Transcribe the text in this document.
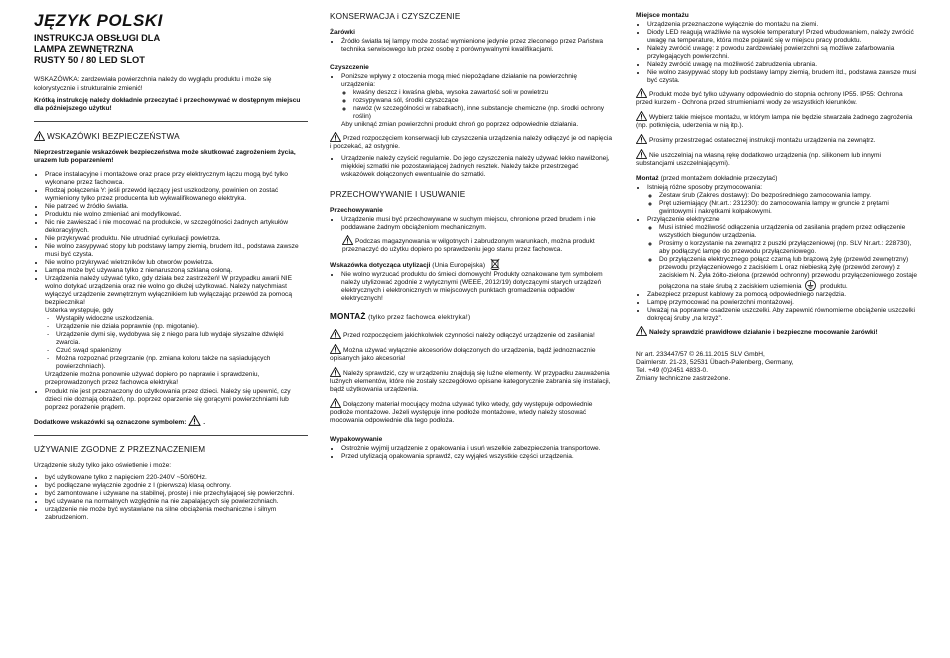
JĘZYK POLSKI
INSTRUKCJA OBSŁUGI DLA
LAMPA ZEWNĘTRZNA
RUSTY 50 / 80 LED SLOT

WSKAZÓWKA: zardzewiała powierzchnia należy do wyglądu produktu i może się kolorystycznie i strukturalnie zmienić!

Krótką instrukcję należy dokładnie przeczytać i przechowywać w dostępnym miejscu dla późniejszego użytku!

WSKAZÓWKI BEZPIECZEŃSTWA

Nieprzestrzeganie wskazówek bezpieczeństwa może skutkować zagrożeniem życia, urazem lub poparzeniem!

• Prace instalacyjne i montażowe oraz prace przy elektrycznym łączu mogą być tylko wykonane przez fachowca.
• Rodzaj połączenia Y: jeśli przewód łączący jest uszkodzony, powinien on zostać wymieniony tylko przez producenta lub wykwalifikowanego elektryka.
• Nie patrzeć w źródło światła.
• Produktu nie wolno zmieniać ani modyfikować.
• Nic nie zawieszać i nie mocować na produkcie, w szczególności żadnych artykułów dekoracyjnych.
• Nie przykrywać produktu. Nie utrudniać cyrkulacji powietrza.
• Nie wolno zasypywać stopy lub podstawy lampy ziemią, brudem itd., podstawa zawsze musi być czysta.
• Nie wolno przykrywać wietrzników lub otworów powietrza.
• Lampa może być używana tylko z nienaruszoną szklaną osłoną.
• Urządzenia należy używać tylko, gdy działa bez zastrzeżeń! W przypadku awarii NIE wolno dotykać urządzenia oraz nie wolno go dłużej użytkować. Należy natychmiast wyłączyć urządzenie zewnętrznym wyłącznikiem lub wyłączając przewód za pomocą bezpiecznika!
Usterka występuje, gdy
- Wystąpiły widoczne uszkodzenia.
- Urządzenie nie działa poprawnie (np. migotanie).
- Urządzenie dymi się, wydobywa się z niego para lub wydaje słyszalne dźwięki zwarcia.
- Czuć swąd spalenizny
- Można rozpoznać przegrzanie (np. zmiana koloru także na sąsiadujących powierzchniach).
Urządzenie można ponownie używać dopiero po naprawie i sprawdzeniu, przeprowadzonych przez fachowca elektryka!
• Produkt nie jest przeznaczony do użytkowania przez dzieci. Należy się upewnić, czy dzieci nie doznają obrażeń, np. poprzez oparzenie się gorącymi powierzchniami lub poprzez porażenie prądem.

Dodatkowe wskazówki są oznaczone symbolem:	.

UŻYWANIE ZGODNE Z PRZEZNACZENIEM

Urządzenie służy tylko jako oświetlenie i może:

• być użytkowane tylko z napięciem 220-240V ~50/60Hz.
• być podłączane wyłącznie zgodnie z I (pierwsza) klasą ochrony.
• być zamontowane i używane na stabilnej, prostej i nie przechylającej się powierzchni.
• być używane na normalnych względnie na nie zapalających się powierzchniach.
• urządzenie nie może być wystawiane na silne obciążenia mechaniczne i silnym zabrudzeniom.
KONSERWACJA i CZYSZCZENIE
Żarówki
• Źródło światła tej lampy może zostać wymienione jedynie przez zleconego przez Państwa technika serwisowego lub przez osobę z porównywalnymi kwalifikacjami.
Czyszczenie
• Poniższe wpływy z otoczenia mogą mieć niepożądane działanie na powierzchnię urządzenia:
◦ kwaśny deszcz i kwaśna gleba, wysoka zawartość soli w powietrzu
◦ rozsypywana sól, środki czyszczące
◦ nawóz (w szczególności w rabatkach), inne substancje chemiczne (np. środki ochrony roślin)
Aby uniknąć zmian powierzchni produkt chroń go poprzez odpowiednie działania.
Przed rozpoczęciem konserwacji lub czyszczenia urządzenia należy odłączyć je od napięcia i poczekać, aż ostygnie.
• Urządzenie należy czyścić regularnie. Do jego czyszczenia należy używać lekko nawilżonej, miękkiej szmatki nie pozostawiającej żadnych resztek. Należy także przestrzegać wskazówek dołączonych ewentualnie do szmatki.
PRZECHOWYWANIE I USUWANIE
Przechowywanie
• Urządzenie musi być przechowywane w suchym miejscu, chronione przed brudem i nie poddawane żadnym obciążeniom mechanicznym.
Podczas magazynowania w wilgotnych i zabrudzonym warunkach, można produkt przeznaczyć do użytku dopiero po sprawdzeniu jego stanu przez fachowca.
Wskazówka dotycząca utylizacji (Unia Europejska)
• Nie wolno wyrzucać produktu do śmieci domowych! Produkty oznakowane tym symbolem należy utylizować zgodnie z wytycznymi (WEEE, 2012/19) dotyczącymi starych urządzeń elektrycznych i elektronicznych w miejscowych punktach gromadzenia odpadów elektrycznych!
MONTAŻ (tylko przez fachowca elektryka!)
Przed rozpoczęciem jakichkolwiek czynności należy odłączyć urządzenie od zasilania!
Można używać wyłącznie akcesoriów dołączonych do urządzenia, bądź jednoznacznie opisanych jako akcesoria!
Należy sprawdzić, czy w urządzeniu znajdują się luźne elementy. W przypadku zauważenia luźnych elementów, które nie zostały szczegółowo opisane kategorycznie zabrania się instalacji, bądź użytkowania urządzenia.
Dołączony materiał mocujący można używać tylko wtedy, gdy występuje odpowiednie podłoże montażowe. Jeżeli występuje inne podłoże montażowe, wtedy należy stosować mocowania odpowiednie dla tego podłoża.
Wypakowywanie
• Ostrożnie wyjmij urządzenie z opakowania i usuń wszelkie zabezpieczenia transportowe.
• Przed utylizacją opakowania sprawdź, czy wyjąłeś wszystkie części urządzenia.
Miejsce montażu
• Urządzenia przeznaczone wyłącznie do montażu na ziemi.
• Diody LED reagują wrażliwie na wysokie temperatury! Przed wbudowaniem, należy zwrócić uwagę na temperature, która może pojawić się w miejscu pracy produktu.
• Należy zwrócić uwagę: z powodu zardzewiałej powierzchni są możliwe zafarbowania przylegających powierzchni.
• Należy zwrócić uwagę na możliwość zabrudzenia ubrania.
• Nie wolno zasypywać stopy lub podstawy lampy ziemią, brudem itd., podstawa zawsze musi być czysta.
Produkt może być tylko używany odpowiednio do stopnia ochrony IP55. IP55: Ochrona przed kurzem - Ochrona przed strumieniami wody ze wszystkich kierunków.
Wybierz takie miejsce montażu, w którym lampa nie będzie stwarzała żadnego zagrożenia (np. potknięcia, uderzenia w nią itp.).
Prosimy przestrzegać ostatecznej instrukcji montażu urządzenia na zewnątrz.
Nie uszczelniaj na własną rękę dodatkowo urządzenia (np. silikonem lub innymi substancjami uszczelniającymi).
Montaż (przed montażem dokładnie przeczytać)
• Istnieją różne sposoby przymocowania:
◦ Zestaw śrub (Zakres dostawy): Do bezpośredniego zamocowania lampy.
◦ Pręt uziemiający (Nr.art.: 231230): do zamocowania lampy w gruncie z prętami gwintowymi i nakrętkami kołpakowymi.
• Przyłączenie elektryczne
◦ Musi istnieć możliwość odłączenia urządzenia od zasilania prądem przez odłączenie wszystkich biegunów urządzenia.
◦ Prosimy o korzystanie na zewnątrz z puszki przyłączeniowej (np. SLV Nr.art.: 228730), aby podłączyć lampę do przewodu przyłączeniowego.
◦ Do przyłączenia elektrycznego połącz czarną lub brązową żyłę (przewód zewnętrzny) przewodu przyłączeniowego z zaciskiem L oraz niebieską żyłę (przewód zerowy) z zaciskiem N. Żyła żółto-zielona (przewód ochronny) przewodu przyłączeniowego zostaje
połączona na stałe śrubą z zaciskiem uziemienia	produktu.
• Zabezpiecz przepust kablowy za pomocą odpowiedniego narzędzia.
• Lampę przymocować na powierzchni montażowej.
• Uważaj na poprawne osadzenie uszczelki. Aby zapewnić równomierne obciążenie uszczelki dokręcaj śruby „na krzyż”.
Należy sprawdzić prawidłowe działanie i bezpieczne mocowanie żarówki!
Nr art. 233447/57 © 26.11.2015 SLV GmbH,
Daimlerstr. 21-23, 52531 Übach-Palenberg, Germany,
Tel. +49 (0)2451 4833-0.
Zmiany techniczne zastrzeżone.
